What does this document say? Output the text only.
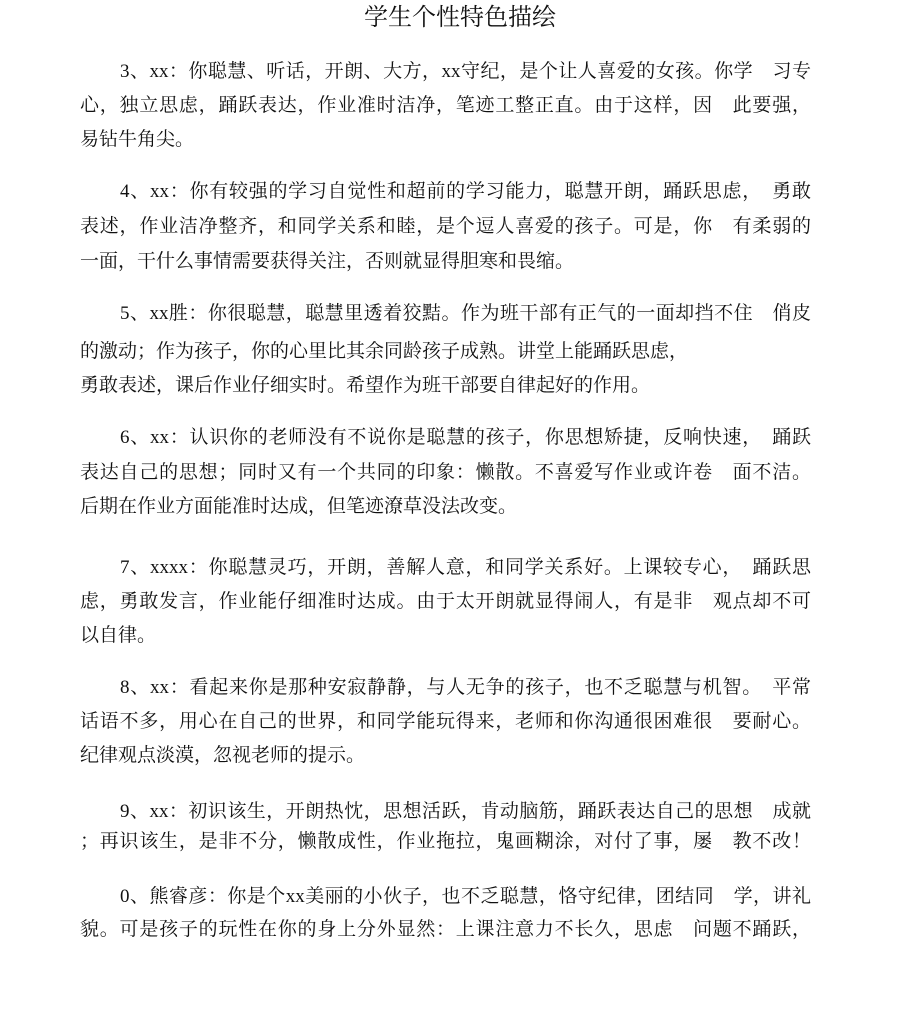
学生个性特色描绘
3、xx：你聪慧、听话，开朗、大方，xx守纪，是个让人喜爱的女孩。你学　习专
心，独立思虑，踊跃表达，作业准时洁净，笔迹工整正直。由于这样，因　此要强，
易钻牛角尖。
4、xx：你有较强的学习自觉性和超前的学习能力，聪慧开朗，踊跃思虑，　勇敢
表述，作业洁净整齐，和同学关系和睦，是个逗人喜爱的孩子。可是，你　有柔弱的
一面，干什么事情需要获得关注，否则就显得胆寒和畏缩。
5、xx胜：你很聪慧，聪慧里透着狡黠。作为班干部有正气的一面却挡不住　俏皮
的激动；作为孩子，你的心里比其余同龄孩子成熟。讲堂上能踊跃思虑，
勇敢表述，课后作业仔细实时。希望作为班干部要自律起好的作用。
6、xx：认识你的老师没有不说你是聪慧的孩子，你思想矫捷，反响快速，　踊跃
表达自己的思想；同时又有一个共同的印象：懒散。不喜爱写作业或许卷　面不洁。
后期在作业方面能准时达成，但笔迹潦草没法改变。
7、xxxx：你聪慧灵巧，开朗，善解人意，和同学关系好。上课较专心，　踊跃思
虑，勇敢发言，作业能仔细准时达成。由于太开朗就显得闹人，有是非　观点却不可
以自律。
8、xx：看起来你是那种安寂静静，与人无争的孩子，也不乏聪慧与机智。　平常
话语不多，用心在自己的世界，和同学能玩得来，老师和你沟通很困难很　要耐心。
纪律观点淡漠，忽视老师的提示。
9、xx：初识该生，开朗热忱，思想活跃，肯动脑筋，踊跃表达自己的思想　成就
；再识该生，是非不分，懒散成性，作业拖拉，鬼画糊涂，对付了事，屡　教不改！
0、熊睿彦：你是个xx美丽的小伙子，也不乏聪慧，恪守纪律，团结同　学，讲礼
貌。可是孩子的玩性在你的身上分外显然：上课注意力不长久，思虑　问题不踊跃，
